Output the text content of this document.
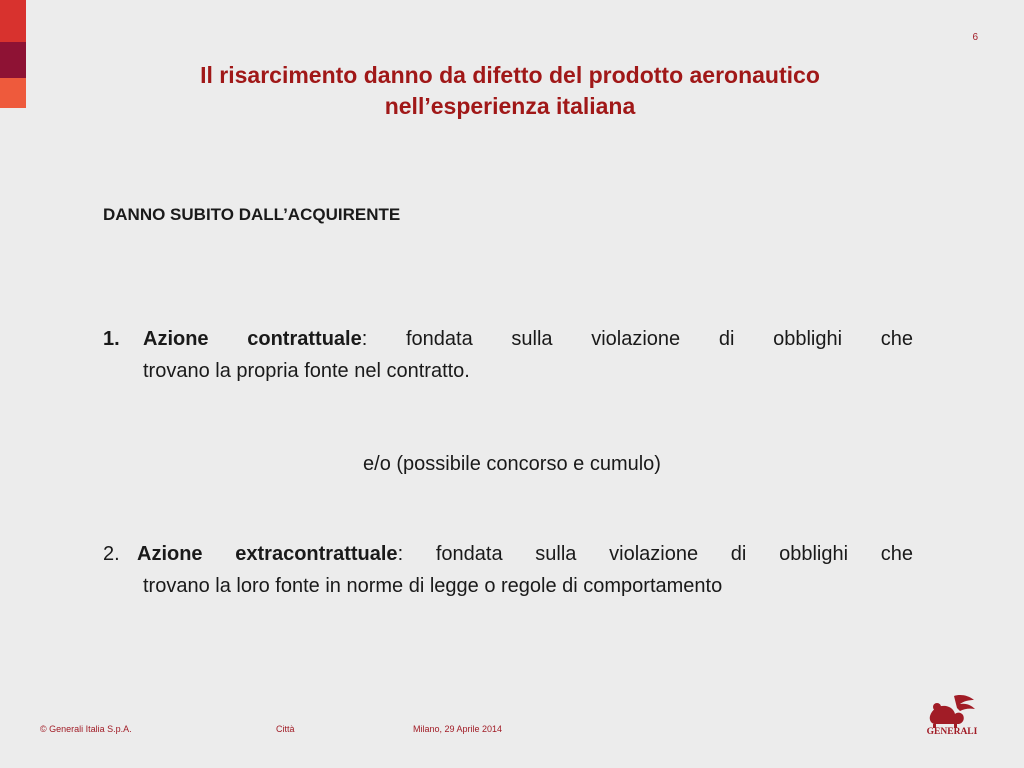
6
Il risarcimento danno da difetto del prodotto aeronautico
nell’esperienza italiana
DANNO SUBITO DALL’ACQUIRENTE
1.	Azione contrattuale: fondata sulla violazione di obblighi che
trovano la propria fonte nel contratto.
e/o (possibile concorso e cumulo)
2. Azione extracontrattuale: fondata sulla violazione di obblighi che
trovano la loro fonte in norme di legge o regole di comportamento
© Generali Italia S.p.A.	Città	Milano, 29 Aprile 2014	GENERALI
